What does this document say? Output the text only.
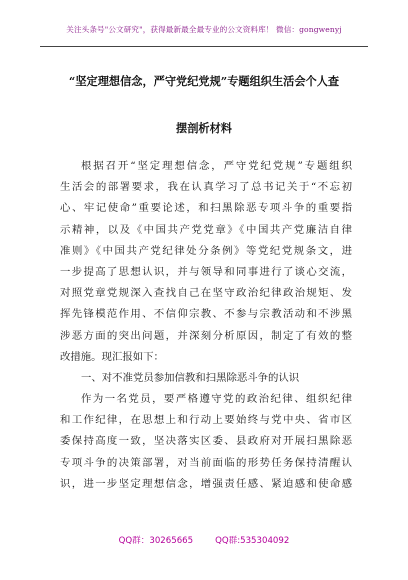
关注头条号"公文研究"，获得最新最全最专业的公文资料库！ 微信：gongwenyj
“坚定理想信念，严守党纪党规”专题组织生活会个人查
摆剖析材料
根据召开“坚定理想信念，严守党纪党规”专题组织
生活会的部署要求，我在认真学习了总书记关于“不忘初
心、牢记使命”重要论述，和扫黑除恶专项斗争的重要指
示精神，以及《中国共产党党章》《中国共产党廉洁自律
准则》《中国共产党纪律处分条例》等党纪党规条文，进
一步提高了思想认识，并与领导和同事进行了谈心交流，
对照党章党规深入查找自己在坚守政治纪律政治规矩、发
挥先锋模范作用、不信仰宗教、不参与宗教活动和不涉黑
涉恶方面的突出问题，并深刻分析原因，制定了有效的整
改措施。现汇报如下：
一、对不准党员参加信教和扫黑除恶斗争的认识
作为一名党员，要严格遵守党的政治纪律、组织纪律
和工作纪律，在思想上和行动上要始终与党中央、省市区
委保持高度一致，坚决落实区委、县政府对开展扫黑除恶
专项斗争的决策部署，对当前面临的形势任务保持清醒认
识，进一步坚定理想信念，增强责任感、紧迫感和使命感
QQ群：30265665	QQ群:535304092
